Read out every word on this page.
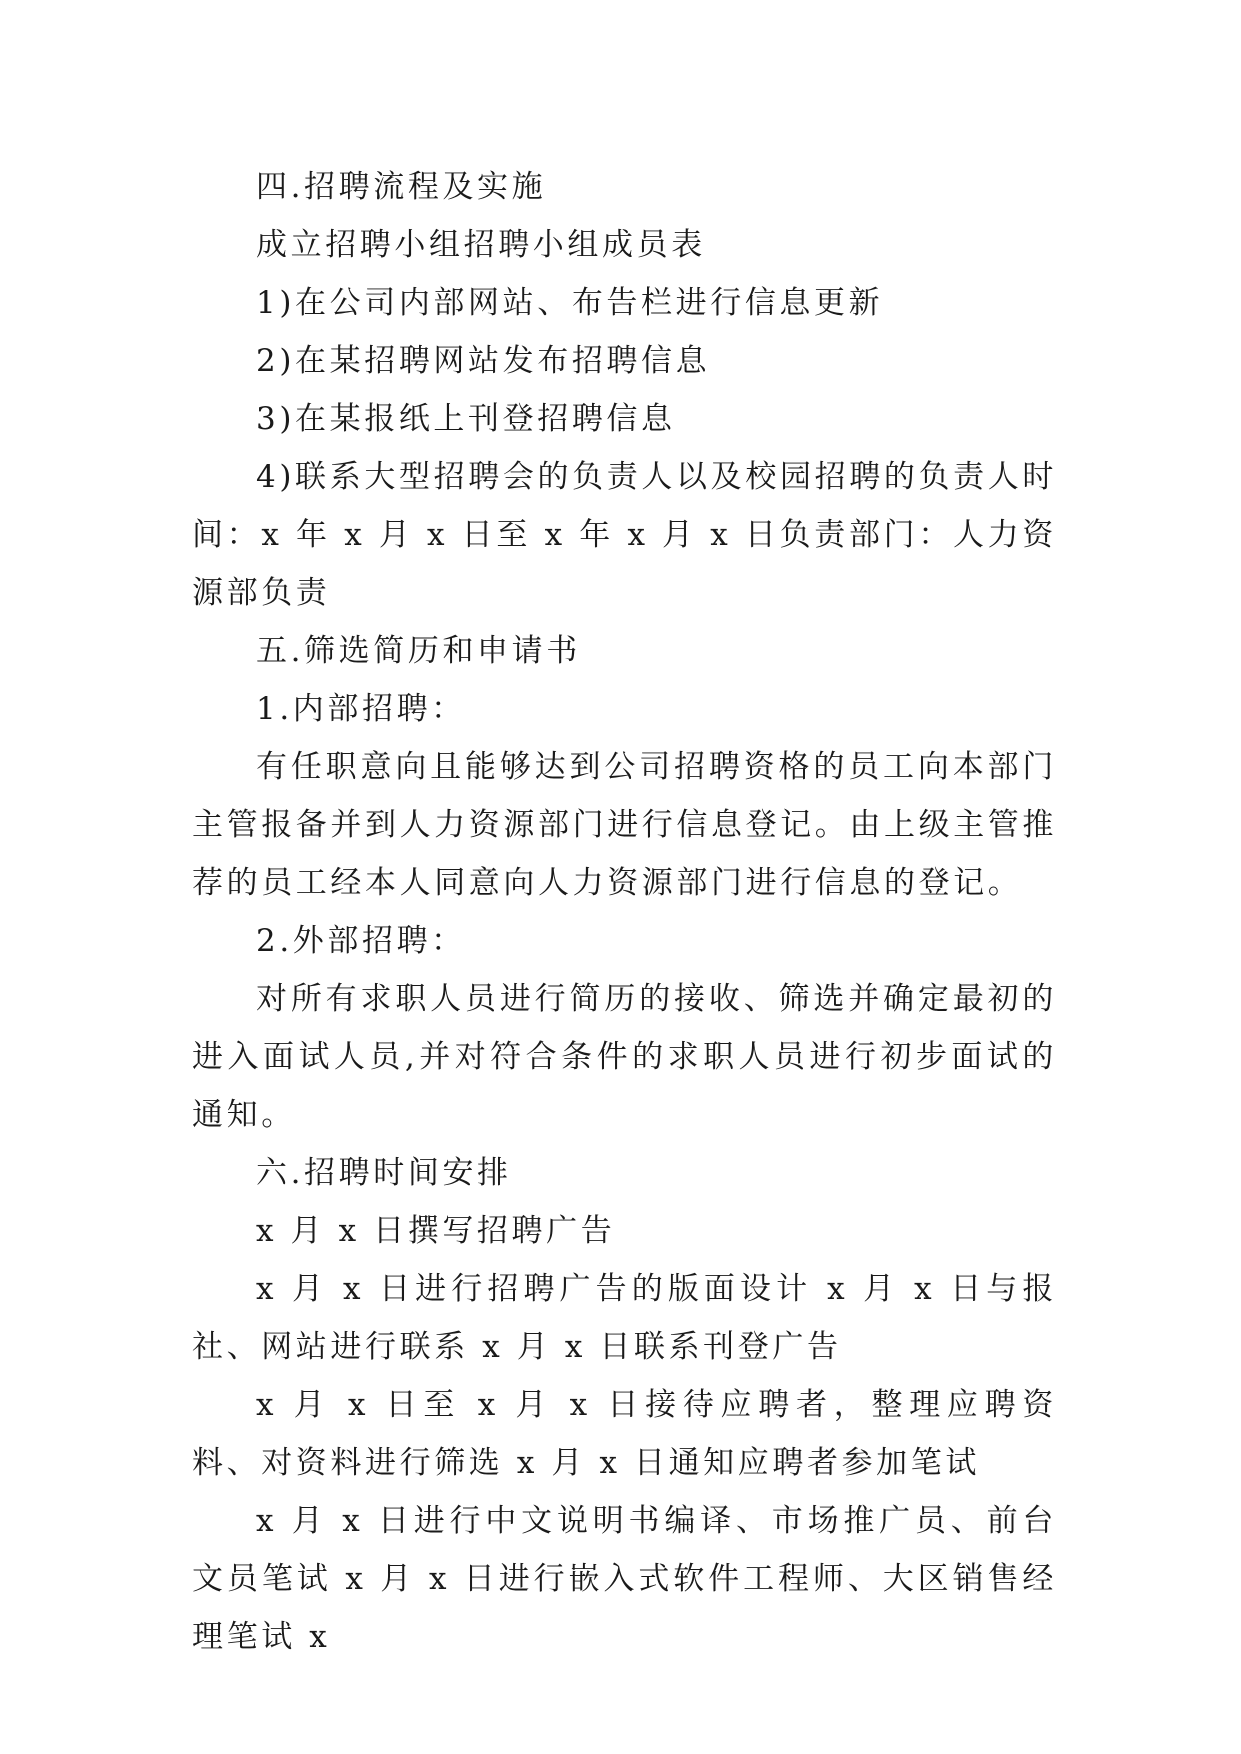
四.招聘流程及实施

成立招聘小组招聘小组成员表

1)在公司内部网站、布告栏进行信息更新

2)在某招聘网站发布招聘信息

3)在某报纸上刊登招聘信息

4)联系大型招聘会的负责人以及校园招聘的负责人时间：x 年 x 月 x 日至 x 年 x 月 x 日负责部门：人力资源部负责

五.筛选简历和申请书

1.内部招聘：

有任职意向且能够达到公司招聘资格的员工向本部门主管报备并到人力资源部门进行信息登记。由上级主管推荐的员工经本人同意向人力资源部门进行信息的登记。

2.外部招聘：

对所有求职人员进行简历的接收、筛选并确定最初的进入面试人员,并对符合条件的求职人员进行初步面试的通知。

六.招聘时间安排

x 月 x 日撰写招聘广告

x 月 x 日进行招聘广告的版面设计 x 月 x 日与报社、网站进行联系 x 月 x 日联系刊登广告

x 月 x 日至 x 月 x 日接待应聘者，整理应聘资料、对资料进行筛选 x 月 x 日通知应聘者参加笔试

x 月 x 日进行中文说明书编译、市场推广员、前台文员笔试 x 月 x 日进行嵌入式软件工程师、大区销售经理笔试 x
